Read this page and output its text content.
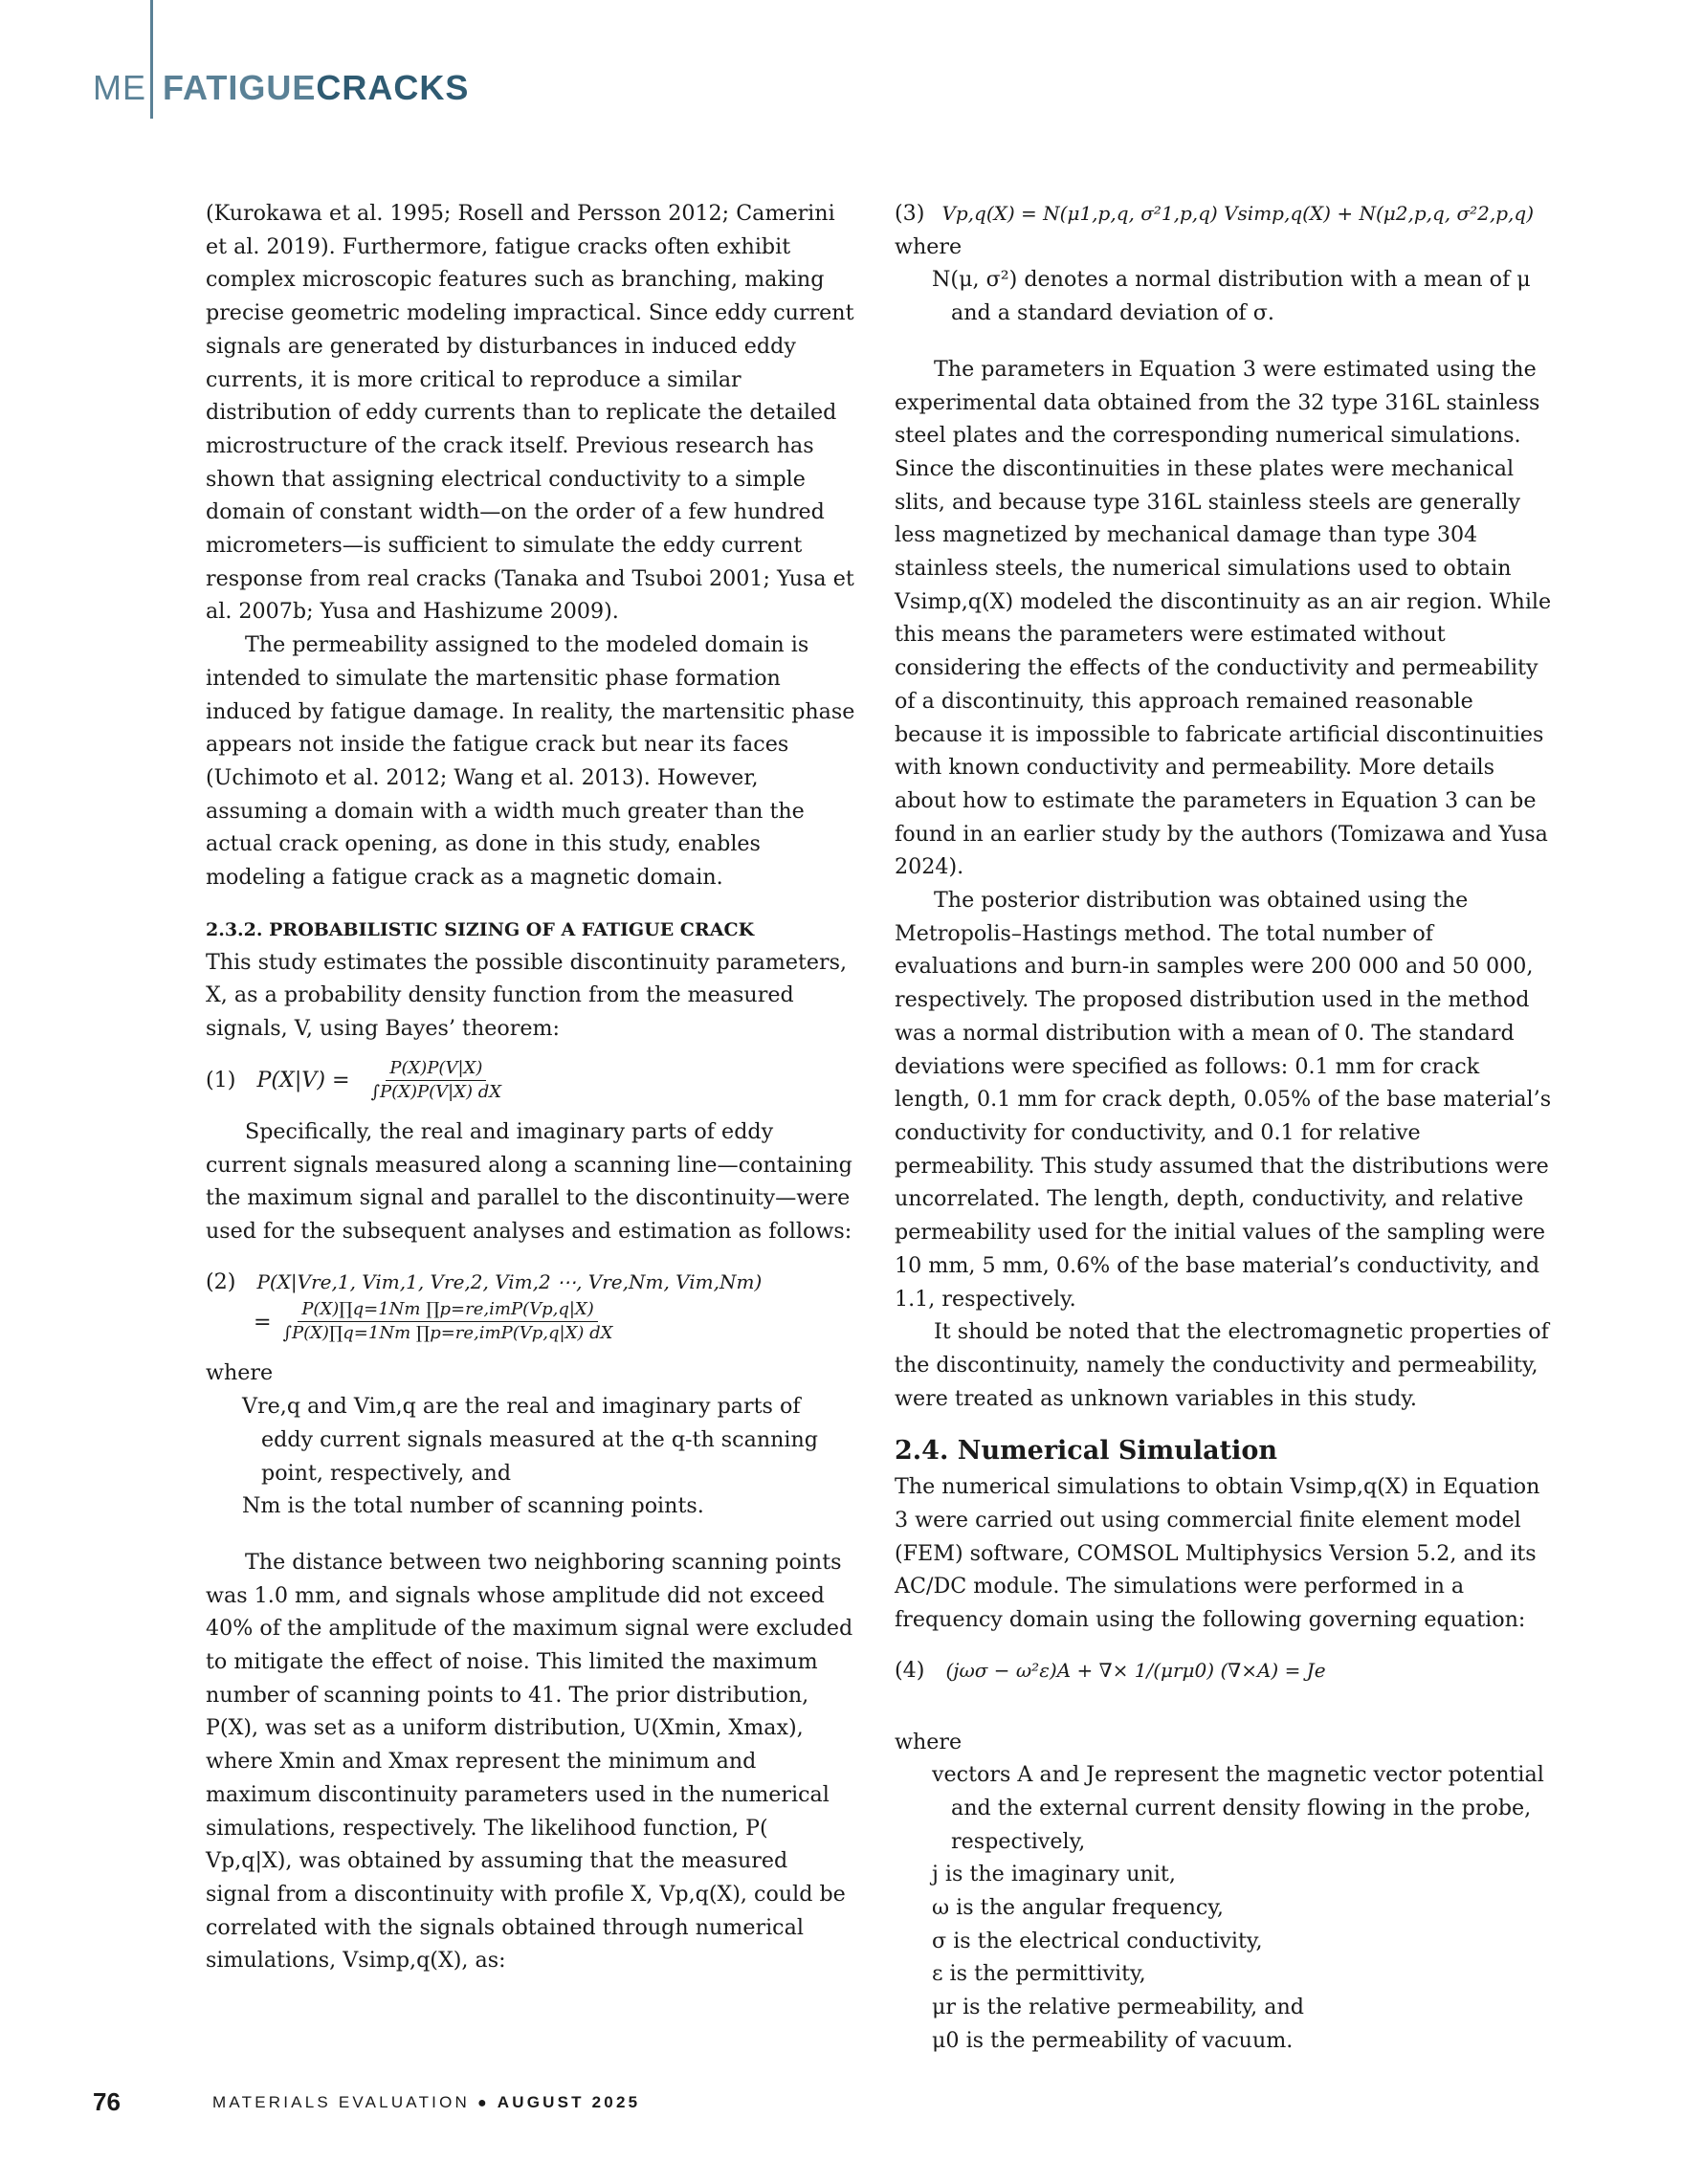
ME FATIGUECRACKS

(Kurokawa et al. 1995; Rosell and Persson 2012; Camerini et al. 2019). Furthermore, fatigue cracks often exhibit complex microscopic features such as branching, making precise geometric modeling impractical. Since eddy current signals are generated by disturbances in induced eddy currents, it is more critical to reproduce a similar distribution of eddy currents than to replicate the detailed microstructure of the crack itself. Previous research has shown that assigning electrical conductivity to a simple domain of constant width—on the order of a few hundred micrometers—is sufficient to simulate the eddy current response from real cracks (Tanaka and Tsuboi 2001; Yusa et al. 2007b; Yusa and Hashizume 2009).

The permeability assigned to the modeled domain is intended to simulate the martensitic phase formation induced by fatigue damage. In reality, the martensitic phase appears not inside the fatigue crack but near its faces (Uchimoto et al. 2012; Wang et al. 2013). However, assuming a domain with a width much greater than the actual crack opening, as done in this study, enables modeling a fatigue crack as a magnetic domain.

2.3.2. PROBABILISTIC SIZING OF A FATIGUE CRACK

This study estimates the possible discontinuity parameters, X, as a probability density function from the measured signals, V, using Bayes’ theorem:

(1) $P(X|V) = \frac{P(X)P(V|X)}{\int P(X)P(V|X) dX}$

Specifically, the real and imaginary parts of eddy current signals measured along a scanning line—containing the maximum signal and parallel to the discontinuity—were used for the subsequent analyses and estimation as follows:

(2) P(X|Vre,1, Vim,1, Vre,2, Vim,2 ⋯, Vre,Nm, Vim,Nm)
= $\frac{\text{P(X)∏q=1Nm ∏p=re,imP(Vp,q|X)}}{\text{∫P(X)∏q=1Nm ∏p=re,imP(Vp,q|X) dX}}$

where

Vre,q and Vim,q are the real and imaginary parts of eddy current signals measured at the q-th scanning point, respectively, and

Nm is the total number of scanning points.

The distance between two neighboring scanning points was 1.0 mm, and signals whose amplitude did not exceed 40% of the amplitude of the maximum signal were excluded to mitigate the effect of noise. This limited the maximum number of scanning points to 41. The prior distribution, P(X), was set as a uniform distribution, U(Xmin, Xmax), where Xmin and Xmax represent the minimum and maximum discontinuity parameters used in the numerical simulations, respectively. The likelihood function, P( Vp,q|X), was obtained by assuming that the measured signal from a discontinuity with profile X, Vp,q(X), could be correlated with the signals obtained through numerical simulations, Vsimp,q(X), as:

(3) Vp,q(X) = N(μ1,p,q, σ²1,p,q) Vsimp,q(X) + N(μ2,p,q, σ²2,p,q)

where

N(μ, σ²) denotes a normal distribution with a mean of μ and a standard deviation of σ.

The parameters in Equation 3 were estimated using the experimental data obtained from the 32 type 316L stainless steel plates and the corresponding numerical simulations. Since the discontinuities in these plates were mechanical slits, and because type 316L stainless steels are generally less magnetized by mechanical damage than type 304 stainless steels, the numerical simulations used to obtain Vsimp,q(X) modeled the discontinuity as an air region. While this means the parameters were estimated without considering the effects of the conductivity and permeability of a discontinuity, this approach remained reasonable because it is impossible to fabricate artificial discontinuities with known conductivity and permeability. More details about how to estimate the parameters in Equation 3 can be found in an earlier study by the authors (Tomizawa and Yusa 2024).

The posterior distribution was obtained using the Metropolis–Hastings method. The total number of evaluations and burn-in samples were 200 000 and 50 000, respectively. The proposed distribution used in the method was a normal distribution with a mean of 0. The standard deviations were specified as follows: 0.1 mm for crack length, 0.1 mm for crack depth, 0.05% of the base material’s conductivity for conductivity, and 0.1 for relative permeability. This study assumed that the distributions were uncorrelated. The length, depth, conductivity, and relative permeability used for the initial values of the sampling were 10 mm, 5 mm, 0.6% of the base material’s conductivity, and 1.1, respectively.

It should be noted that the electromagnetic properties of the discontinuity, namely the conductivity and permeability, were treated as unknown variables in this study.

2.4. Numerical Simulation

The numerical simulations to obtain Vsimp,q(X) in Equation 3 were carried out using commercial finite element model (FEM) software, COMSOL Multiphysics Version 5.2, and its AC/DC module. The simulations were performed in a frequency domain using the following governing equation:

(4) (jωσ − ω²ε)A + ∇× 1/(μrμ0) (∇×A) = Je

where

vectors A and Je represent the magnetic vector potential and the external current density flowing in the probe, respectively,

j is the imaginary unit,

ω is the angular frequency,

σ is the electrical conductivity,

ε is the permittivity,

μr is the relative permeability, and

μ0 is the permeability of vacuum.

76	MATERIALS EVALUATION ● AUGUST 2025
